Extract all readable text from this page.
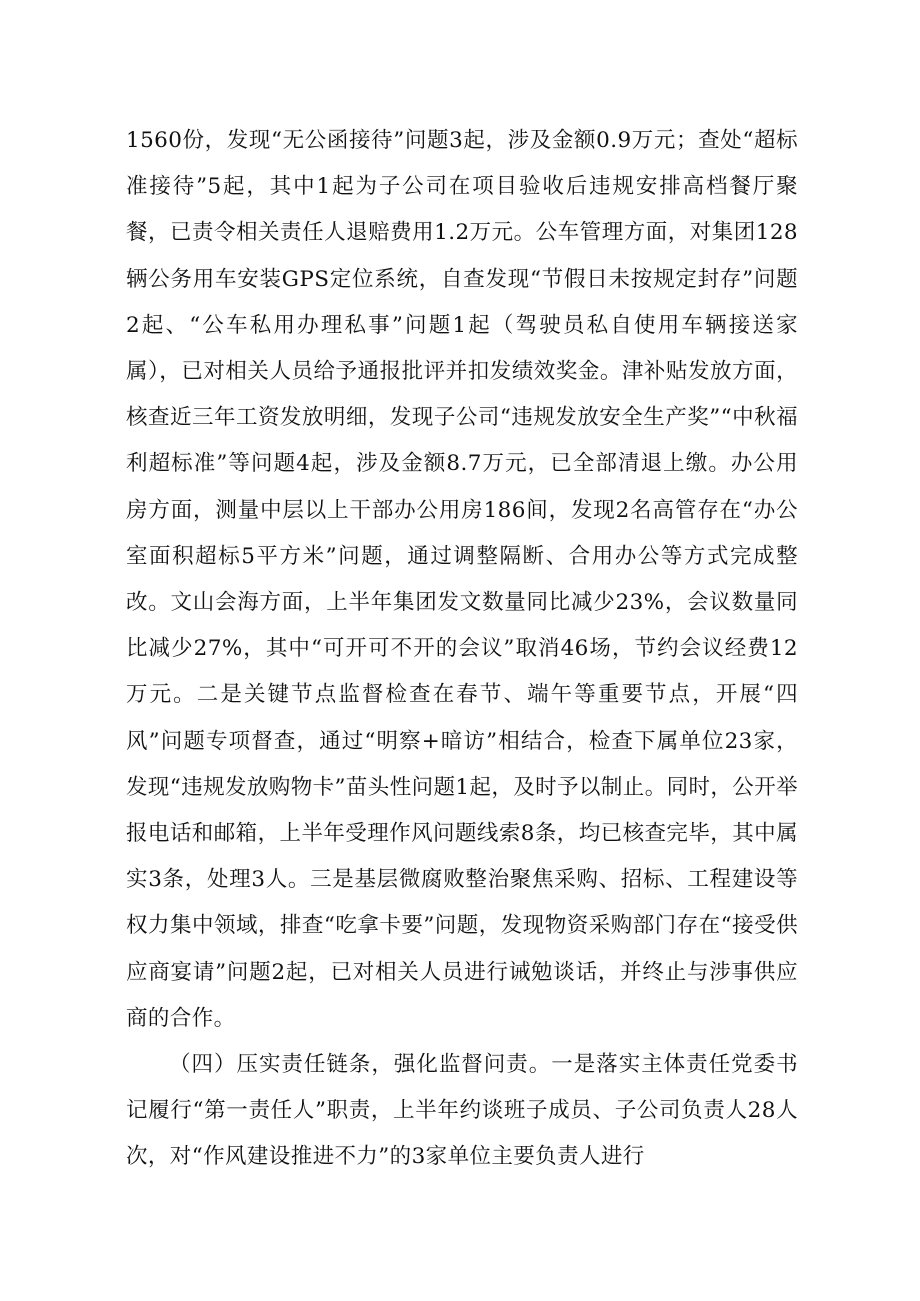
1560份，发现“无公函接待”问题3起，涉及金额0.9万元；查处“超标准接待”5起，其中1起为子公司在项目验收后违规安排高档餐厅聚餐，已责令相关责任人退赔费用1.2万元。公车管理方面，对集团128辆公务用车安装GPS定位系统，自查发现“节假日未按规定封存”问题2起、“公车私用办理私事”问题1起（驾驶员私自使用车辆接送家属），已对相关人员给予通报批评并扣发绩效奖金。津补贴发放方面，核查近三年工资发放明细，发现子公司“违规发放安全生产奖”“中秋福利超标准”等问题4起，涉及金额8.7万元，已全部清退上缴。办公用房方面，测量中层以上干部办公用房186间，发现2名高管存在“办公室面积超标5平方米”问题，通过调整隔断、合用办公等方式完成整改。文山会海方面，上半年集团发文数量同比减少23%，会议数量同比减少27%，其中“可开可不开的会议”取消46场，节约会议经费12万元。二是关键节点监督检查在春节、端午等重要节点，开展“四风”问题专项督查，通过“明察+暗访”相结合，检查下属单位23家，发现“违规发放购物卡”苗头性问题1起，及时予以制止。同时，公开举报电话和邮箱，上半年受理作风问题线索8条，均已核查完毕，其中属实3条，处理3人。三是基层微腐败整治聚焦采购、招标、工程建设等权力集中领域，排查“吃拿卡要”问题，发现物资采购部门存在“接受供应商宴请”问题2起，已对相关人员进行诫勉谈话，并终止与涉事供应商的合作。

（四）压实责任链条，强化监督问责。一是落实主体责任党委书记履行“第一责任人”职责，上半年约谈班子成员、子公司负责人28人次，对“作风建设推进不力”的3家单位主要负责人进行
